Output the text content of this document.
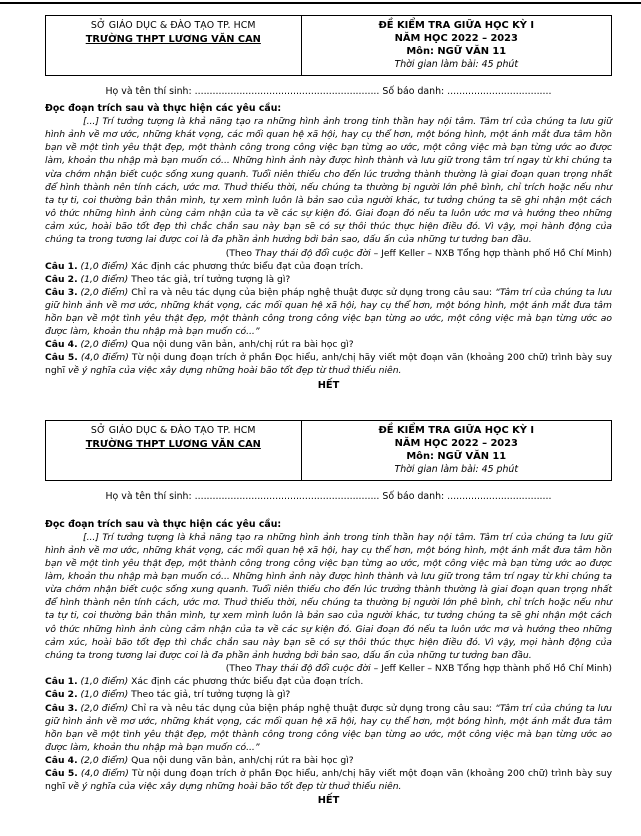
SỞ GIÁO DỤC & ĐÀO TẠO TP. HCM
TRƯỜNG THPT LƯƠNG VĂN CAN

ĐỀ KIỂM TRA GIỮA HỌC KỲ I
NĂM HỌC 2022 – 2023
Môn: NGỮ VĂN 11
Thời gian làm bài: 45 phút
Họ và tên thí sinh: .............................................................. Số báo danh: ...................................
Đọc đoạn trích sau và thực hiện các yêu cầu:
[...] Trí tưởng tượng là khả năng tạo ra những hình ảnh trong tinh thần hay nội tâm. Tâm trí của chúng ta lưu giữ hình ảnh về mơ ước, những khát vọng, các mối quan hệ xã hội, hay cụ thể hơn, một bóng hình, một ánh mắt đưa tâm hồn bạn về một tình yêu thật đẹp, một thành công trong công việc bạn từng ao ước, một công việc mà bạn từng ước ao được làm, khoản thu nhập mà bạn muốn có... Những hình ảnh này được hình thành và lưu giữ trong tâm trí ngay từ khi chúng ta vừa chớm nhận biết cuộc sống xung quanh. Tuổi niên thiếu cho đến lúc trưởng thành thường là giai đoạn quan trọng nhất để hình thành nên tính cách, ước mơ. Thuở thiếu thời, nếu chúng ta thường bị người lớn phê bình, chỉ trích hoặc nếu như ta tự ti, coi thường bản thân mình, tự xem mình luôn là bản sao của người khác, tư tưởng chúng ta sẽ ghi nhận một cách vô thức những hình ảnh cùng cảm nhận của ta về các sự kiện đó. Giai đoạn đó nếu ta luôn ước mơ và hướng theo những cảm xúc, hoài bão tốt đẹp thì chắc chắn sau này bạn sẽ có sự thôi thúc thực hiện điều đó. Vì vậy, mọi hành động của chúng ta trong tương lai được coi là đa phần ảnh hưởng bởi bản sao, dấu ấn của những tư tưởng ban đầu.
(Theo Thay thái độ đổi cuộc đời – Jeff Keller – NXB Tổng hợp thành phố Hồ Chí Minh)
Câu 1. (1,0 điểm) Xác định các phương thức biểu đạt của đoạn trích.
Câu 2. (1,0 điểm) Theo tác giả, trí tưởng tượng là gì?
Câu 3. (2,0 điểm) Chỉ ra và nêu tác dụng của biện pháp nghệ thuật được sử dụng trong câu sau: “Tâm trí của chúng ta lưu giữ hình ảnh về mơ ước, những khát vọng, các mối quan hệ xã hội, hay cụ thể hơn, một bóng hình, một ánh mắt đưa tâm hồn bạn về một tình yêu thật đẹp, một thành công trong công việc bạn từng ao ước, một công việc mà bạn từng ước ao được làm, khoản thu nhập mà bạn muốn có...”
Câu 4. (2,0 điểm) Qua nội dung văn bản, anh/chị rút ra bài học gì?
Câu 5. (4,0 điểm) Từ nội dung đoạn trích ở phần Đọc hiểu, anh/chị hãy viết một đoạn văn (khoảng 200 chữ) trình bày suy nghĩ về ý nghĩa của việc xây dựng những hoài bão tốt đẹp từ thuở thiếu niên.
HẾT
SỞ GIÁO DỤC & ĐÀO TẠO TP. HCM
TRƯỜNG THPT LƯƠNG VĂN CAN

ĐỀ KIỂM TRA GIỮA HỌC KỲ I
NĂM HỌC 2022 – 2023
Môn: NGỮ VĂN 11
Thời gian làm bài: 45 phút
Họ và tên thí sinh: .............................................................. Số báo danh: ...................................
Đọc đoạn trích sau và thực hiện các yêu cầu:
[...] Trí tưởng tượng là khả năng tạo ra những hình ảnh trong tinh thần hay nội tâm. Tâm trí của chúng ta lưu giữ hình ảnh về mơ ước, những khát vọng, các mối quan hệ xã hội, hay cụ thể hơn, một bóng hình, một ánh mắt đưa tâm hồn bạn về một tình yêu thật đẹp, một thành công trong công việc bạn từng ao ước, một công việc mà bạn từng ước ao được làm, khoản thu nhập mà bạn muốn có... Những hình ảnh này được hình thành và lưu giữ trong tâm trí ngay từ khi chúng ta vừa chớm nhận biết cuộc sống xung quanh. Tuổi niên thiếu cho đến lúc trưởng thành thường là giai đoạn quan trọng nhất để hình thành nên tính cách, ước mơ. Thuở thiếu thời, nếu chúng ta thường bị người lớn phê bình, chỉ trích hoặc nếu như ta tự ti, coi thường bản thân mình, tự xem mình luôn là bản sao của người khác, tư tưởng chúng ta sẽ ghi nhận một cách vô thức những hình ảnh cùng cảm nhận của ta về các sự kiện đó. Giai đoạn đó nếu ta luôn ước mơ và hướng theo những cảm xúc, hoài bão tốt đẹp thì chắc chắn sau này bạn sẽ có sự thôi thúc thực hiện điều đó. Vì vậy, mọi hành động của chúng ta trong tương lai được coi là đa phần ảnh hưởng bởi bản sao, dấu ấn của những tư tưởng ban đầu.
(Theo Thay thái độ đổi cuộc đời – Jeff Keller – NXB Tổng hợp thành phố Hồ Chí Minh)
Câu 1. (1,0 điểm) Xác định các phương thức biểu đạt của đoạn trích.
Câu 2. (1,0 điểm) Theo tác giả, trí tưởng tượng là gì?
Câu 3. (2,0 điểm) Chỉ ra và nêu tác dụng của biện pháp nghệ thuật được sử dụng trong câu sau: “Tâm trí của chúng ta lưu giữ hình ảnh về mơ ước, những khát vọng, các mối quan hệ xã hội, hay cụ thể hơn, một bóng hình, một ánh mắt đưa tâm hồn bạn về một tình yêu thật đẹp, một thành công trong công việc bạn từng ao ước, một công việc mà bạn từng ước ao được làm, khoản thu nhập mà bạn muốn có...”
Câu 4. (2,0 điểm) Qua nội dung văn bản, anh/chị rút ra bài học gì?
Câu 5. (4,0 điểm) Từ nội dung đoạn trích ở phần Đọc hiểu, anh/chị hãy viết một đoạn văn (khoảng 200 chữ) trình bày suy nghĩ về ý nghĩa của việc xây dựng những hoài bão tốt đẹp từ thuở thiếu niên.
HẾT
